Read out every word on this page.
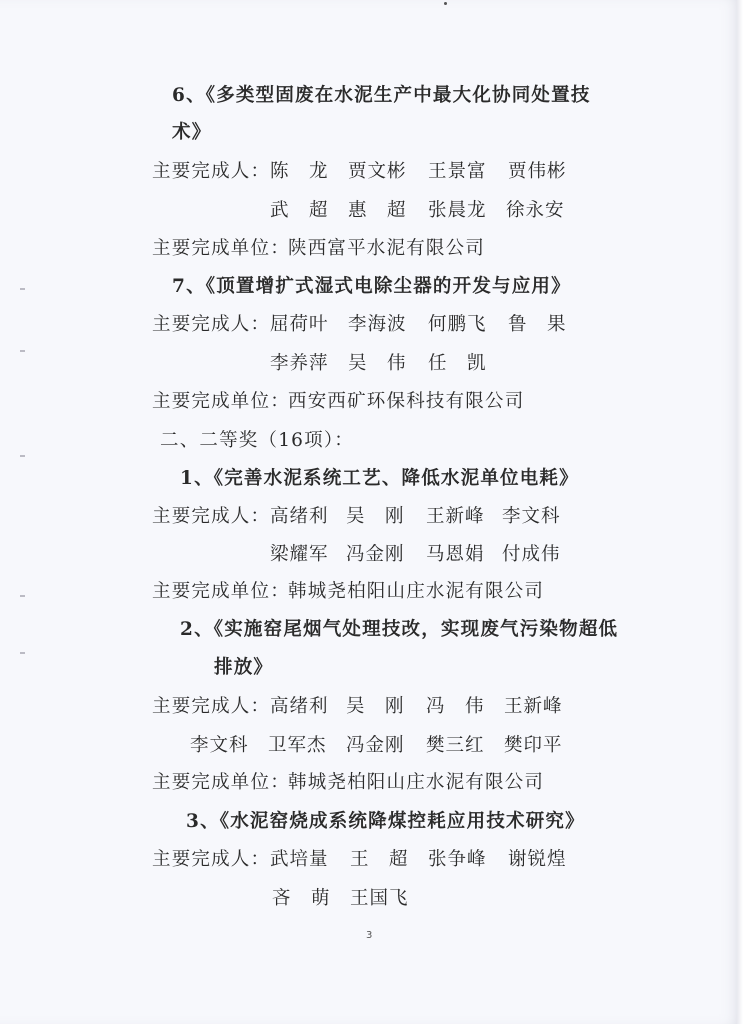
6、《多类型固废在水泥生产中最大化协同处置技
术》
主要完成人： 陈　龙 贾文彬 王景富 贾伟彬
武　超 惠　超 张晨龙 徐永安
主要完成单位：
陕西富平水泥有限公司
7、《顶置增扩式湿式电除尘器的开发与应用》
主要完成人： 屈荷叶 李海波 何鹏飞 鲁　果
李养萍 吴　伟 任　凯
主要完成单位：
西安西矿环保科技有限公司
二、二等奖（16项）：
1、《完善水泥系统工艺、降低水泥单位电耗》
主要完成人： 高绪利 吴　刚 王新峰 李文科
梁耀军 冯金刚 马恩娟 付成伟
主要完成单位：
韩城尧柏阳山庄水泥有限公司
2、《实施窑尾烟气处理技改，实现废气污染物超低
排放》
主要完成人： 高绪利 吴　刚 冯　伟 王新峰
李文科 卫军杰 冯金刚 樊三红 樊印平
主要完成单位：
韩城尧柏阳山庄水泥有限公司
3、《水泥窑烧成系统降煤控耗应用技术研究》
主要完成人： 武培量 王　超 张争峰 谢锐煌
吝　萌 王国飞
3
